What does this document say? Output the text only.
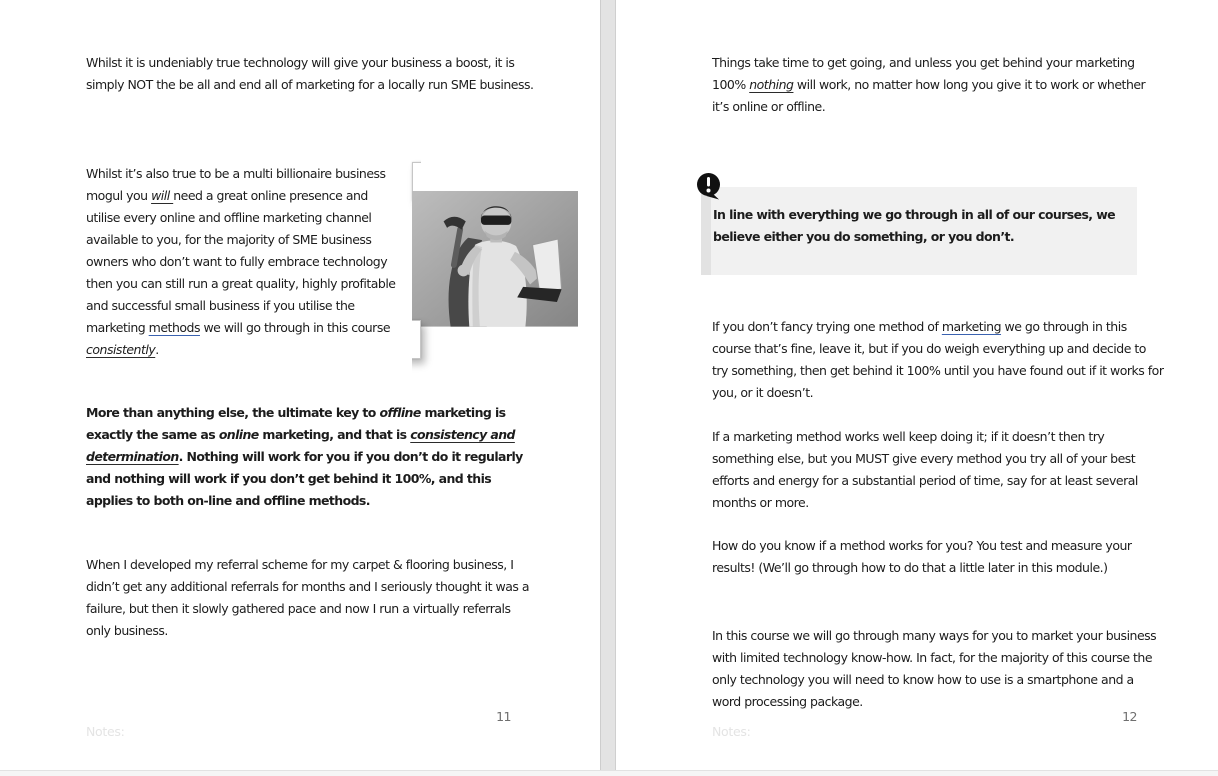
Whilst it is undeniably true technology will give your business a boost, it is simply NOT the be all and end all of marketing for a locally run SME business.

Whilst it’s also true to be a multi billionaire business mogul you will need a great online presence and utilise every online and offline marketing channel available to you, for the majority of SME business owners who don’t want to fully embrace technology then you can still run a great quality, highly profitable and successful small business if you utilise the marketing methods we will go through in this course consistently.

More than anything else, the ultimate key to offline marketing is exactly the same as online marketing, and that is consistency and determination. Nothing will work for you if you don’t do it regularly and nothing will work if you don’t get behind it 100%, and this applies to both on-line and offline methods.

When I developed my referral scheme for my carpet & flooring business, I didn’t get any additional referrals for months and I seriously thought it was a failure, but then it slowly gathered pace and now I run a virtually referrals only business.

11
Notes:

Things take time to get going, and unless you get behind your marketing 100% nothing will work, no matter how long you give it to work or whether it’s online or offline.

In line with everything we go through in all of our courses, we believe either you do something, or you don’t.

If you don’t fancy trying one method of marketing we go through in this course that’s fine, leave it, but if you do weigh everything up and decide to try something, then get behind it 100% until you have found out if it works for you, or it doesn’t.

If a marketing method works well keep doing it; if it doesn’t then try something else, but you MUST give every method you try all of your best efforts and energy for a substantial period of time, say for at least several months or more.

How do you know if a method works for you? You test and measure your results! (We’ll go through how to do that a little later in this module.)

In this course we will go through many ways for you to market your business with limited technology know-how. In fact, for the majority of this course the only technology you will need to know how to use is a smartphone and a word processing package.

12
Notes:
